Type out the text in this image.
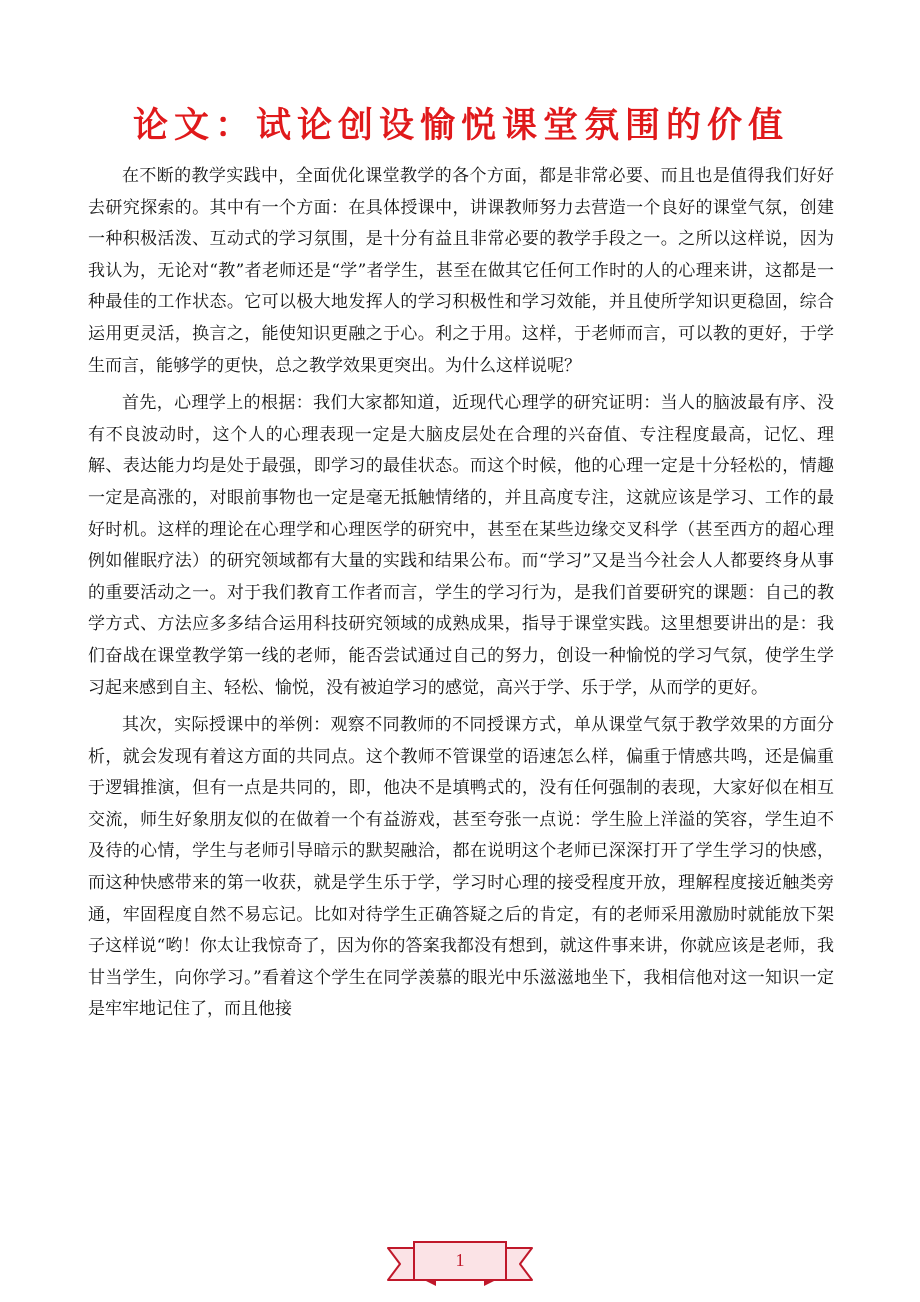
论文：试论创设愉悦课堂氛围的价值

在不断的教学实践中，全面优化课堂教学的各个方面，都是非常必要、而且也是值得我们好好去研究探索的。其中有一个方面：在具体授课中，讲课教师努力去营造一个良好的课堂气氛，创建一种积极活泼、互动式的学习氛围，是十分有益且非常必要的教学手段之一。之所以这样说，因为我认为，无论对“教”者老师还是“学”者学生，甚至在做其它任何工作时的人的心理来讲，这都是一种最佳的工作状态。它可以极大地发挥人的学习积极性和学习效能，并且使所学知识更稳固，综合运用更灵活，换言之，能使知识更融之于心。利之于用。这样，于老师而言，可以教的更好，于学生而言，能够学的更快，总之教学效果更突出。为什么这样说呢？

首先，心理学上的根据：我们大家都知道，近现代心理学的研究证明：当人的脑波最有序、没有不良波动时，这个人的心理表现一定是大脑皮层处在合理的兴奋值、专注程度最高，记忆、理解、表达能力均是处于最强，即学习的最佳状态。而这个时候，他的心理一定是十分轻松的，情趣一定是高涨的，对眼前事物也一定是毫无抵触情绪的，并且高度专注，这就应该是学习、工作的最好时机。这样的理论在心理学和心理医学的研究中，甚至在某些边缘交叉科学（甚至西方的超心理例如催眠疗法）的研究领域都有大量的实践和结果公布。而“学习”又是当今社会人人都要终身从事的重要活动之一。对于我们教育工作者而言，学生的学习行为，是我们首要研究的课题：自己的教学方式、方法应多多结合运用科技研究领域的成熟成果，指导于课堂实践。这里想要讲出的是：我们奋战在课堂教学第一线的老师，能否尝试通过自己的努力，创设一种愉悦的学习气氛，使学生学习起来感到自主、轻松、愉悦，没有被迫学习的感觉，高兴于学、乐于学，从而学的更好。

其次，实际授课中的举例：观察不同教师的不同授课方式，单从课堂气氛于教学效果的方面分析，就会发现有着这方面的共同点。这个教师不管课堂的语速怎么样，偏重于情感共鸣，还是偏重于逻辑推演，但有一点是共同的，即，他决不是填鸭式的，没有任何强制的表现，大家好似在相互交流，师生好象朋友似的在做着一个有益游戏，甚至夸张一点说：学生脸上洋溢的笑容，学生迫不及待的心情，学生与老师引导暗示的默契融洽，都在说明这个老师已深深打开了学生学习的快感，而这种快感带来的第一收获，就是学生乐于学，学习时心理的接受程度开放，理解程度接近触类旁通，牢固程度自然不易忘记。比如对待学生正确答疑之后的肯定，有的老师采用激励时就能放下架子这样说“哟！你太让我惊奇了，因为你的答案我都没有想到，就这件事来讲，你就应该是老师，我甘当学生，向你学习。”看着这个学生在同学羡慕的眼光中乐滋滋地坐下，我相信他对这一知识一定是牢牢地记住了，而且他接

1
